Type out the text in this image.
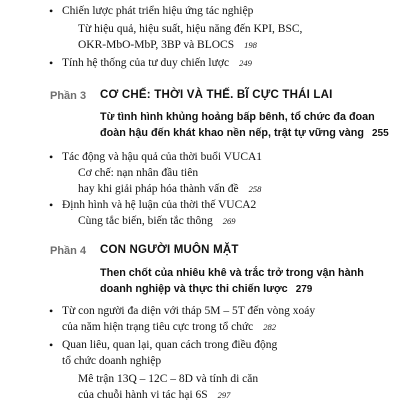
• Chiến lược phát triển hiệu ứng tác nghiệp
Từ hiệu quả, hiệu suất, hiệu năng đến KPI, BSC,
OKR-MbO-MbP, 3BP và BLOCS 198
• Tính hệ thống của tư duy chiến lược 249
Phần 3 CƠ CHẾ: THỜI VÀ THẾ. BĨ CỰC THÁI LAI
Từ tình hình khủng hoảng bấp bênh, tổ chức đa đoan
đoàn hậu đến khát khao nền nếp, trật tự vững vàng 255
• Tác động và hậu quả của thời buổi VUCA1
Cơ chế: nạn nhân đầu tiên
hay khi giải pháp hóa thành vấn đề 258
• Định hình và hệ luận của thời thế VUCA2
Cùng tắc biến, biến tắc thông 269
Phần 4 CON NGƯỜI MUÔN MẶT
Then chốt của nhiêu khê và trắc trở trong vận hành
doanh nghiệp và thực thi chiến lược 279
• Từ con người đa diện với tháp 5M – 5T đến vòng xoáy
của năm hiện trạng tiêu cực trong tổ chức 282
• Quan liêu, quan lại, quan cách trong điều động
tổ chức doanh nghiệp
Mê trận 13Q – 12C – 8D và tính di căn
của chuỗi hành vi tác hại 6S 297
